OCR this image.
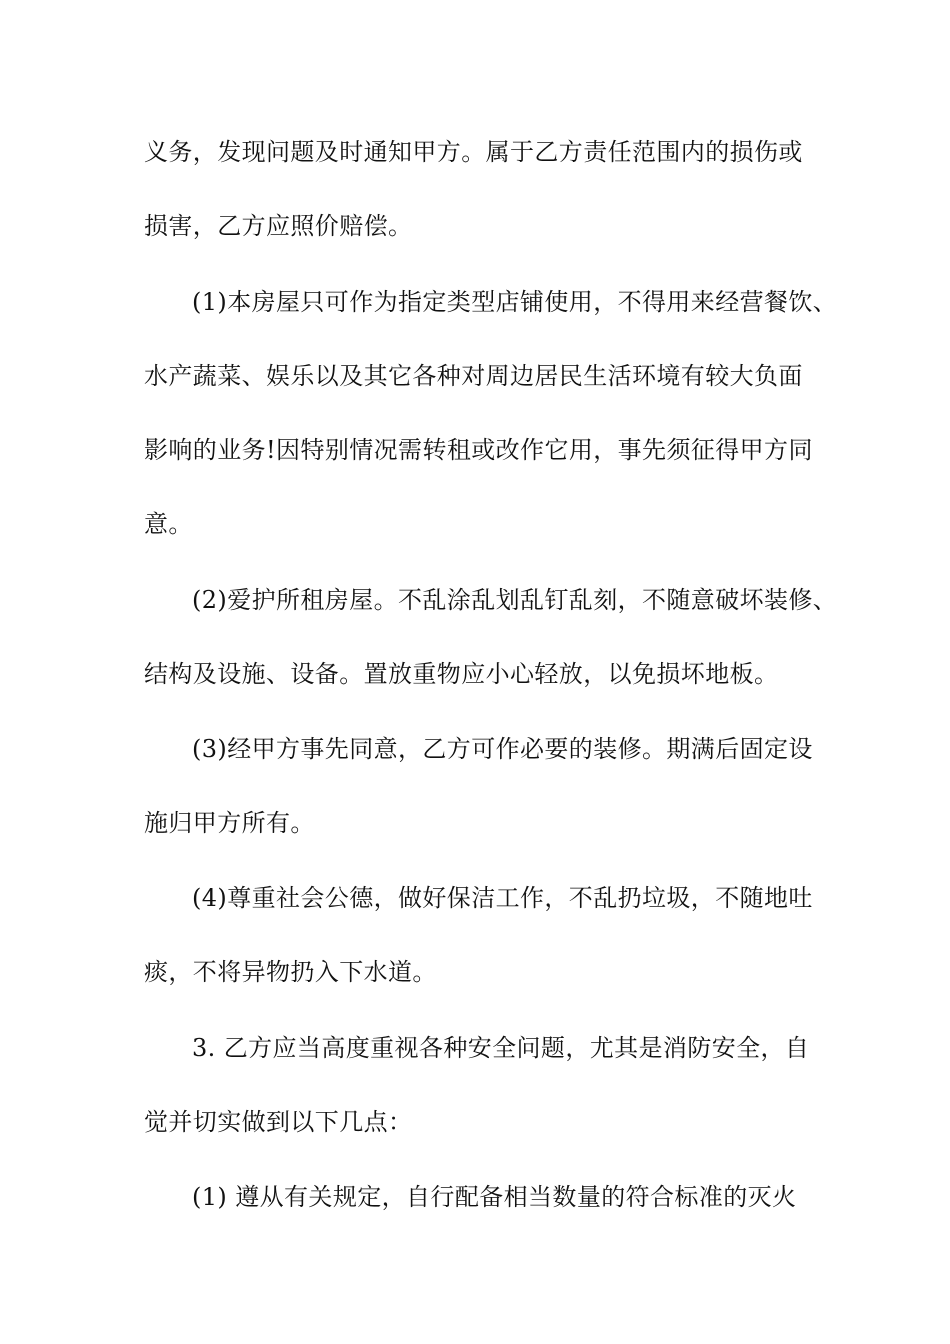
义务，发现问题及时通知甲方。属于乙方责任范围内的损伤或
损害，乙方应照价赔偿。
(1)本房屋只可作为指定类型店铺使用，不得用来经营餐饮、
水产蔬菜、娱乐以及其它各种对周边居民生活环境有较大负面
影响的业务!因特别情况需转租或改作它用，事先须征得甲方同
意。
(2)爱护所租房屋。不乱涂乱划乱钉乱刻，不随意破坏装修、
结构及设施、设备。置放重物应小心轻放，以免损坏地板。
(3)经甲方事先同意，乙方可作必要的装修。期满后固定设
施归甲方所有。
(4)尊重社会公德，做好保洁工作，不乱扔垃圾，不随地吐
痰，不将异物扔入下水道。
3. 乙方应当高度重视各种安全问题，尤其是消防安全，自
觉并切实做到以下几点：
(1) 遵从有关规定，自行配备相当数量的符合标准的灭火
